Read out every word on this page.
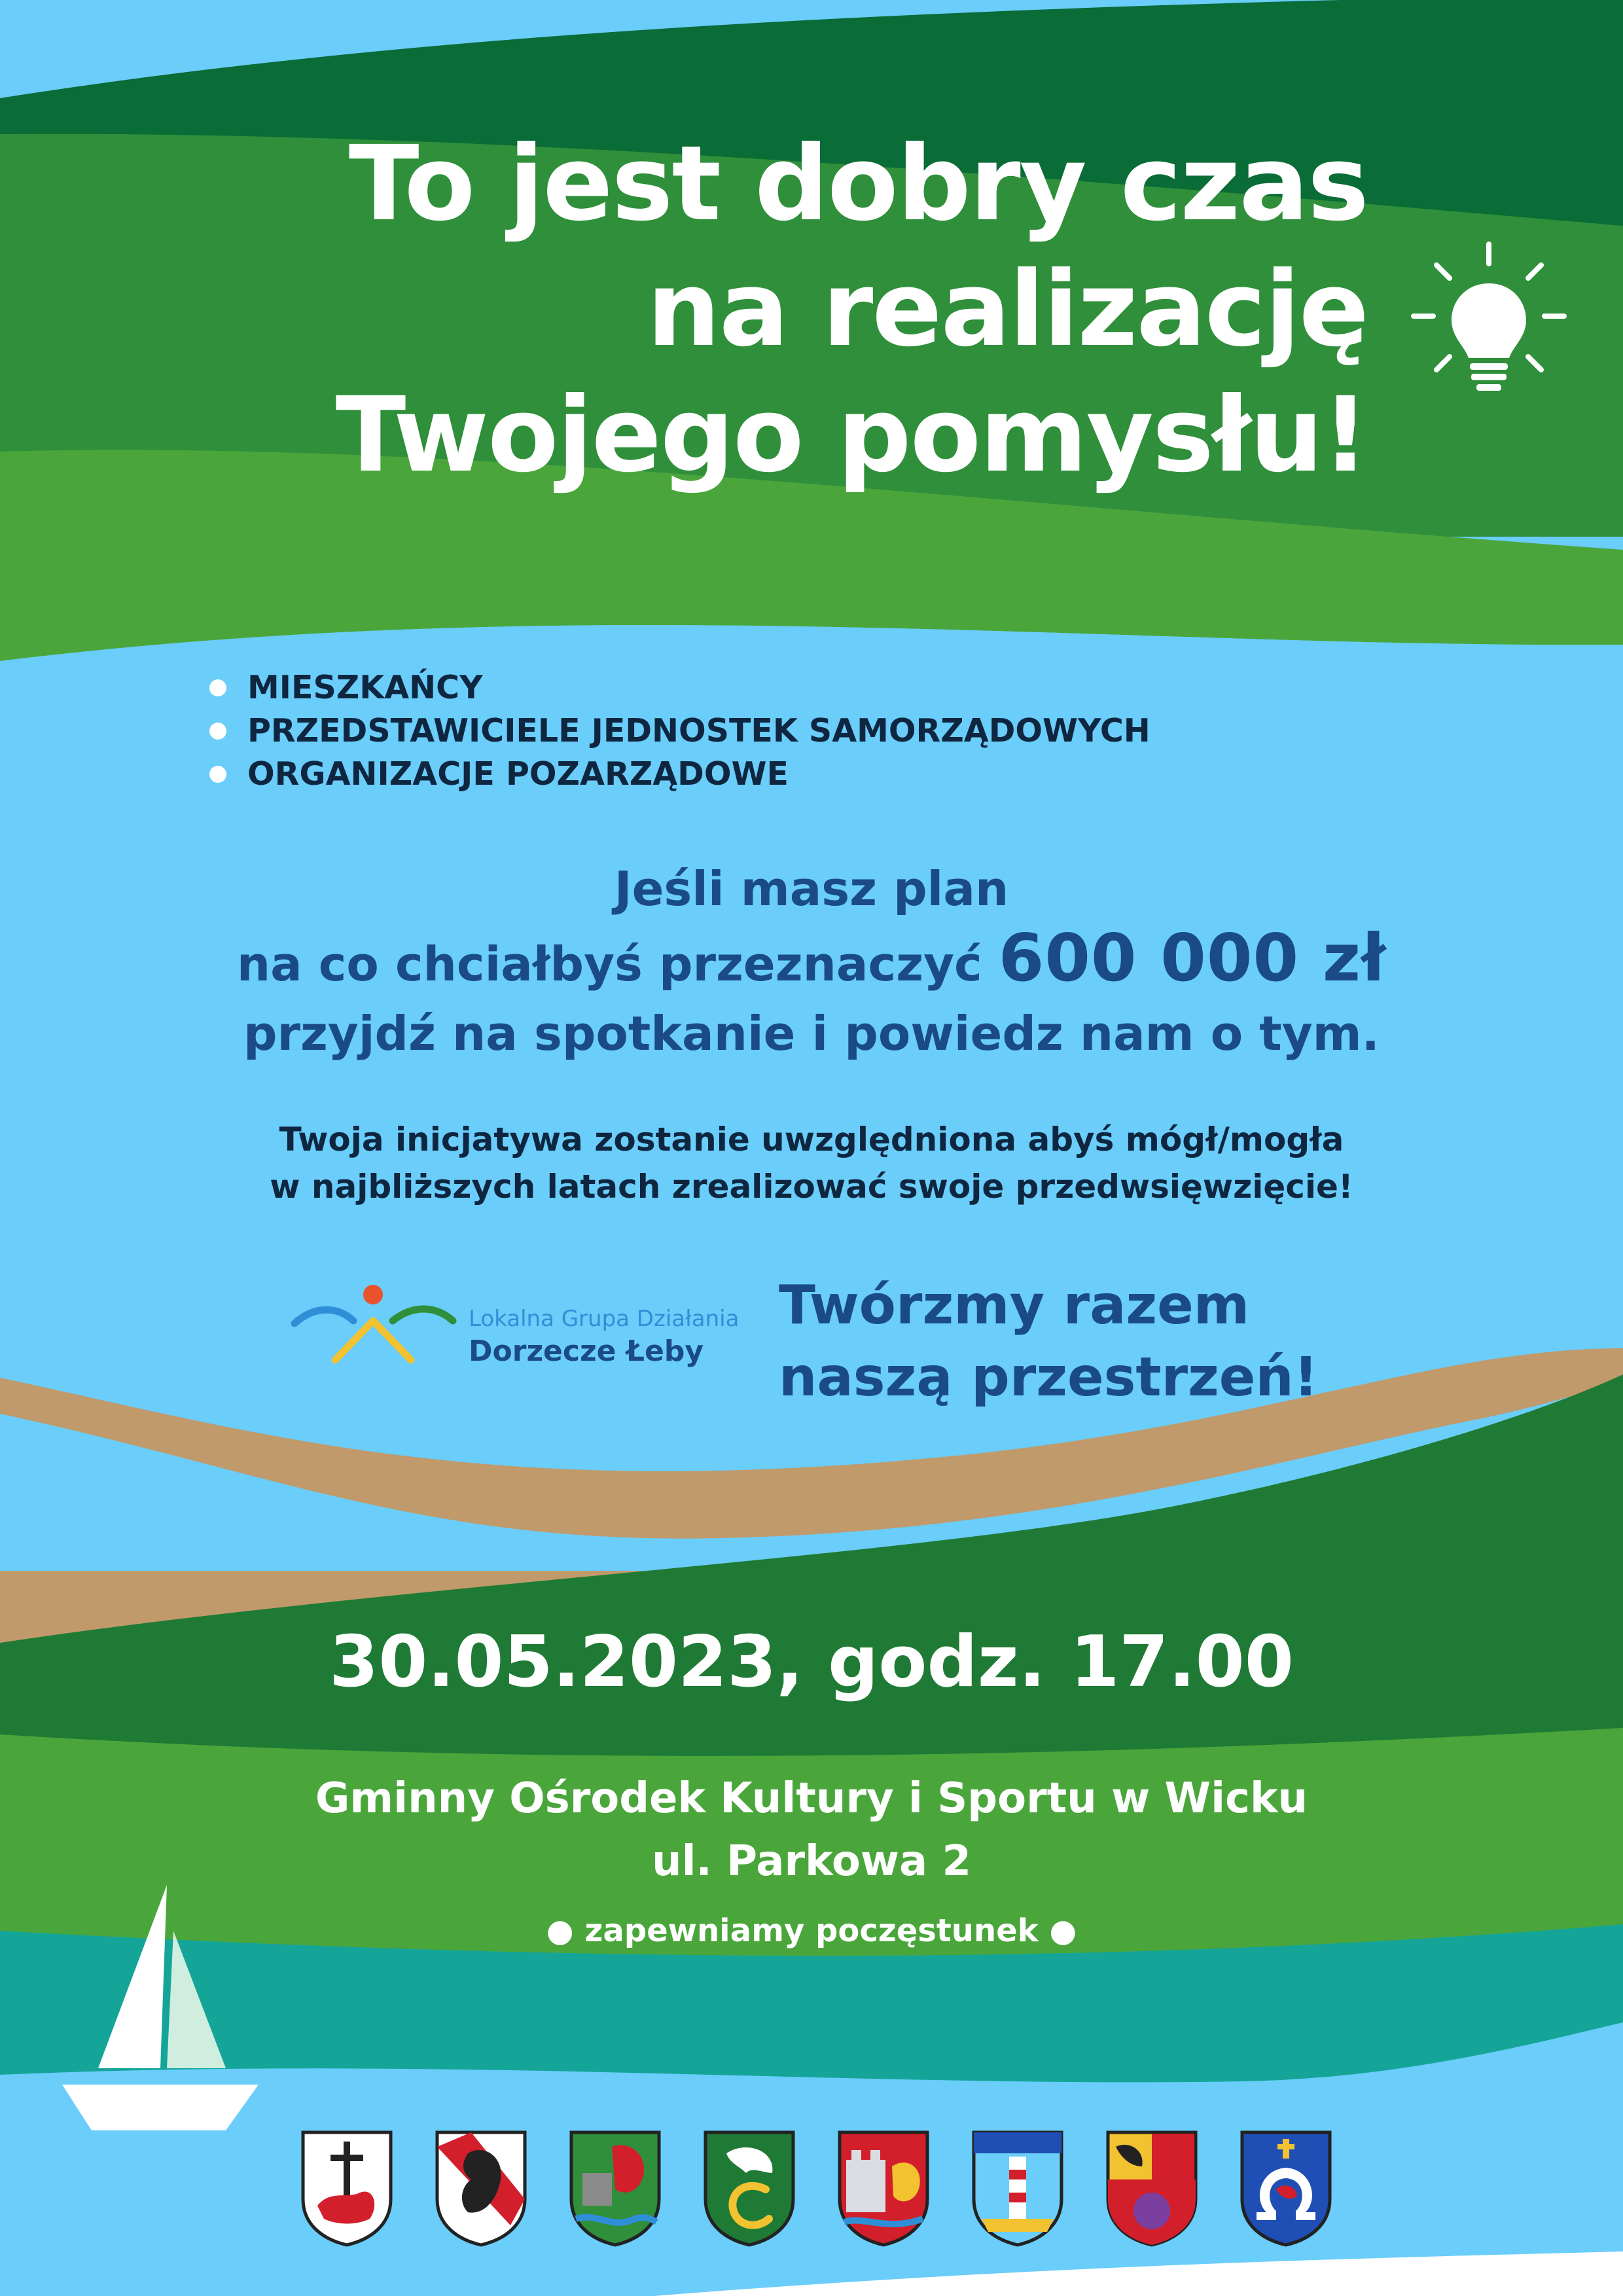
To jest dobry czas
na realizację
Twojego pomysłu!
MIESZKAŃCY
PRZEDSTAWICIELE JEDNOSTEK SAMORZĄDOWYCH
ORGANIZACJE POZARZĄDOWE
Jeśli masz plan
na co chciałbyś przeznaczyć 600 000 zł
przyjdź na spotkanie i powiedz nam o tym.
Twoja inicjatywa zostanie uwzględniona abyś mógł/mogła
w najbliższych latach zrealizować swoje przedwsięwzięcie!
Lokalna Grupa Działania
Dorzecze Łeby
Twórzmy razem
naszą przestrzeń!
30.05.2023, godz. 17.00
Gminny Ośrodek Kultury i Sportu w Wicku
ul. Parkowa 2
● zapewniamy poczęstunek ●
